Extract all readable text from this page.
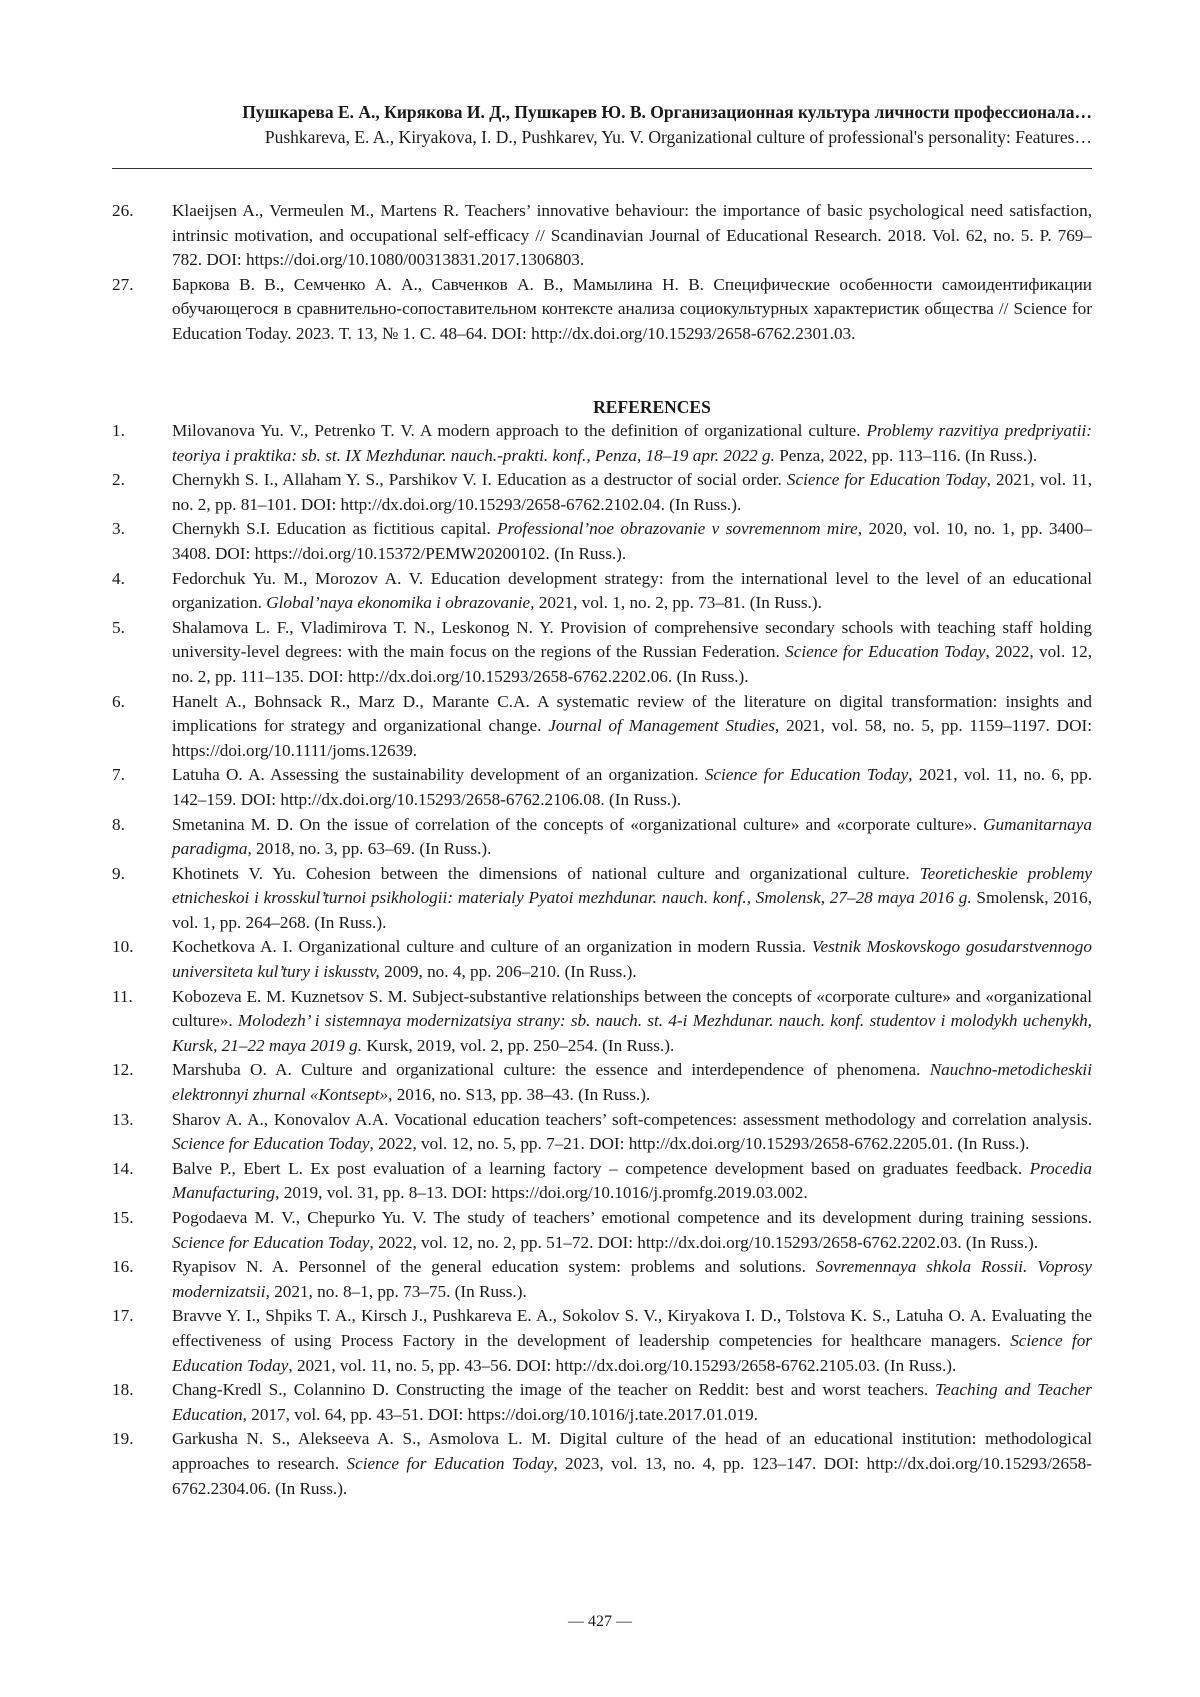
Пушкарева Е. А., Кирякова И. Д., Пушкарев Ю. В. Организационная культура личности профессионала…
Pushkareva, E. A., Kiryakova, I. D., Pushkarev, Yu. V. Organizational culture of professional's personality: Features…
26.	Klaeijsen A., Vermeulen M., Martens R. Teachers’ innovative behaviour: the importance of basic psychological need satisfaction, intrinsic motivation, and occupational self-efficacy // Scandinavian Journal of Educational Research. 2018. Vol. 62, no. 5. P. 769–782. DOI: https://doi.org/10.1080/00313831.2017.1306803.
27.	Баркова В. В., Семченко А. А., Савченков А. В., Мамылина Н. В. Специфические особенности самоидентификации обучающегося в сравнительно-сопоставительном контексте анализа социокультурных характеристик общества // Science for Education Today. 2023. Т. 13, № 1. С. 48–64. DOI: http://dx.doi.org/10.15293/2658-6762.2301.03.
REFERENCES
1.	Milovanova Yu. V., Petrenko T. V. A modern approach to the definition of organizational culture. Problemy razvitiya predpriyatii: teoriya i praktika: sb. st. IX Mezhdunar. nauch.-prakti. konf., Penza, 18–19 apr. 2022 g. Penza, 2022, pp. 113–116. (In Russ.).
2.	Chernykh S. I., Allaham Y. S., Parshikov V. I. Education as a destructor of social order. Science for Education Today, 2021, vol. 11, no. 2, pp. 81–101. DOI: http://dx.doi.org/10.15293/2658-6762.2102.04. (In Russ.).
3.	Chernykh S.I. Education as fictitious capital. Professional’noe obrazovanie v sovremennom mire, 2020, vol. 10, no. 1, pp. 3400–3408. DOI: https://doi.org/10.15372/PEMW20200102. (In Russ.).
4.	Fedorchuk Yu. M., Morozov A. V. Education development strategy: from the international level to the level of an educational organization. Global’naya ekonomika i obrazovanie, 2021, vol. 1, no. 2, pp. 73–81. (In Russ.).
5.	Shalamova L. F., Vladimirova T. N., Leskonog N. Y. Provision of comprehensive secondary schools with teaching staff holding university-level degrees: with the main focus on the regions of the Russian Federation. Science for Education Today, 2022, vol. 12, no. 2, pp. 111–135. DOI: http://dx.doi.org/10.15293/2658-6762.2202.06. (In Russ.).
6.	Hanelt A., Bohnsack R., Marz D., Marante C.A. A systematic review of the literature on digital transformation: insights and implications for strategy and organizational change. Journal of Management Studies, 2021, vol. 58, no. 5, pp. 1159–1197. DOI: https://doi.org/10.1111/joms.12639.
7.	Latuha O. A. Assessing the sustainability development of an organization. Science for Education Today, 2021, vol. 11, no. 6, pp. 142–159. DOI: http://dx.doi.org/10.15293/2658-6762.2106.08. (In Russ.).
8.	Smetanina M. D. On the issue of correlation of the concepts of «organizational culture» and «corporate culture». Gumanitarnaya paradigma, 2018, no. 3, pp. 63–69. (In Russ.).
9.	Khotinets V. Yu. Cohesion between the dimensions of national culture and organizational culture. Teoreticheskie problemy etnicheskoi i krosskul’turnoi psikhologii: materialy Pyatoi mezhdunar. nauch. konf., Smolensk, 27–28 maya 2016 g. Smolensk, 2016, vol. 1, pp. 264–268. (In Russ.).
10.	Kochetkova A. I. Organizational culture and culture of an organization in modern Russia. Vestnik Moskovskogo gosudarstvennogo universiteta kul’tury i iskusstv, 2009, no. 4, pp. 206–210. (In Russ.).
11.	Kobozeva E. M. Kuznetsov S. M. Subject-substantive relationships between the concepts of «corporate culture» and «organizational culture». Molodezh’ i sistemnaya modernizatsiya strany: sb. nauch. st. 4-i Mezhdunar. nauch. konf. studentov i molodykh uchenykh, Kursk, 21–22 maya 2019 g. Kursk, 2019, vol. 2, pp. 250–254. (In Russ.).
12.	Marshuba O. A. Culture and organizational culture: the essence and interdependence of phenomena. Nauchno-metodicheskii elektronnyi zhurnal «Kontsept», 2016, no. S13, pp. 38–43. (In Russ.).
13.	Sharov A. A., Konovalov A.A. Vocational education teachers’ soft-competences: assessment methodology and correlation analysis. Science for Education Today, 2022, vol. 12, no. 5, pp. 7–21. DOI: http://dx.doi.org/10.15293/2658-6762.2205.01. (In Russ.).
14.	Balve P., Ebert L. Ex post evaluation of a learning factory – competence development based on graduates feedback. Procedia Manufacturing, 2019, vol. 31, pp. 8–13. DOI: https://doi.org/10.1016/j.promfg.2019.03.002.
15.	Pogodaeva M. V., Chepurko Yu. V. The study of teachers’ emotional competence and its development during training sessions. Science for Education Today, 2022, vol. 12, no. 2, pp. 51–72. DOI: http://dx.doi.org/10.15293/2658-6762.2202.03. (In Russ.).
16.	Ryapisov N. A. Personnel of the general education system: problems and solutions. Sovremennaya shkola Rossii. Voprosy modernizatsii, 2021, no. 8–1, pp. 73–75. (In Russ.).
17.	Bravve Y. I., Shpiks T. A., Kirsch J., Pushkareva E. A., Sokolov S. V., Kiryakova I. D., Tolstova K. S., Latuha O. A. Evaluating the effectiveness of using Process Factory in the development of leadership competencies for healthcare managers. Science for Education Today, 2021, vol. 11, no. 5, pp. 43–56. DOI: http://dx.doi.org/10.15293/2658-6762.2105.03. (In Russ.).
18.	Chang-Kredl S., Colannino D. Constructing the image of the teacher on Reddit: best and worst teachers. Teaching and Teacher Education, 2017, vol. 64, pp. 43–51. DOI: https://doi.org/10.1016/j.tate.2017.01.019.
19.	Garkusha N. S., Alekseeva A. S., Asmolova L. M. Digital culture of the head of an educational institution: methodological approaches to research. Science for Education Today, 2023, vol. 13, no. 4, pp. 123–147. DOI: http://dx.doi.org/10.15293/2658-6762.2304.06. (In Russ.).
— 427 —
